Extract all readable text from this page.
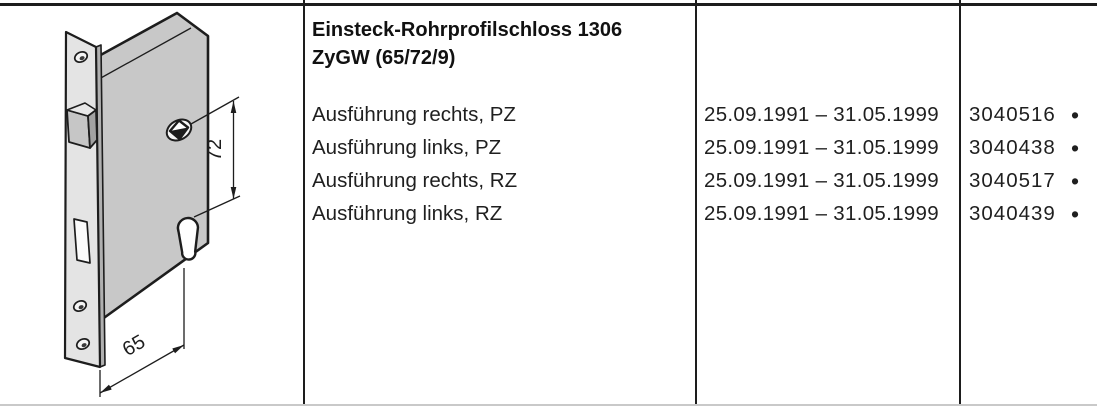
72
65
Einsteck-Rohrprofilschloss 1306
ZyGW (65/72/9)
Ausführung rechts, PZ	25.09.1991 – 31.05.1999 3040516 •
Ausführung links, PZ	25.09.1991 – 31.05.1999 3040438 •
Ausführung rechts, RZ	25.09.1991 – 31.05.1999 3040517 •
Ausführung links, RZ	25.09.1991 – 31.05.1999 3040439 •
